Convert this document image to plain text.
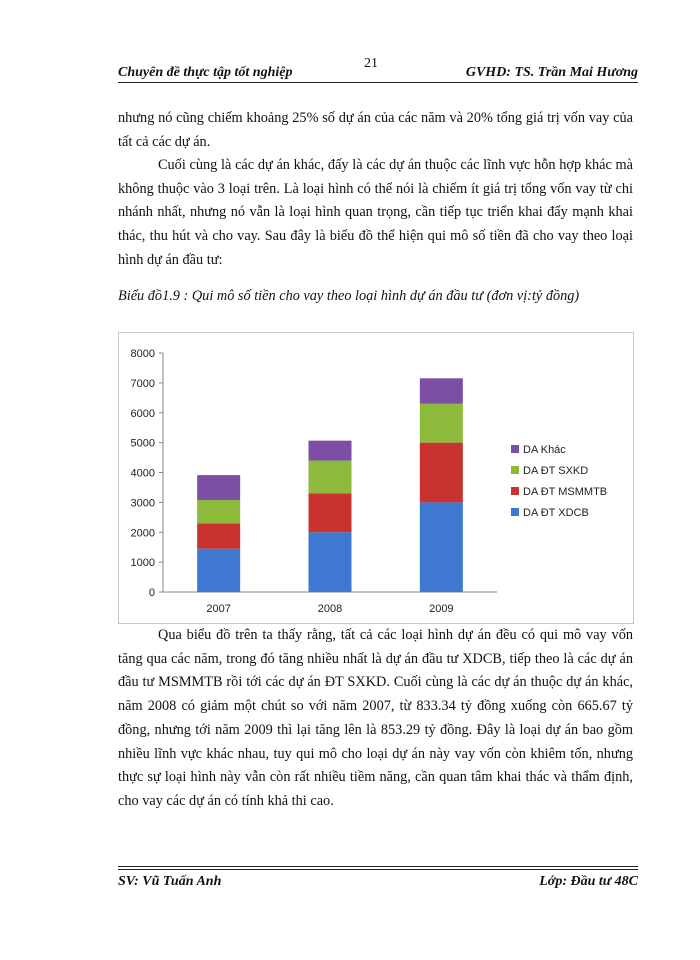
Chuyên đề thực tập tốt nghiệp
21
GVHD: TS. Trần Mai Hương

nhưng nó cũng chiếm khoảng 25% số dự án của các năm và 20% tổng giá trị vốn vay của tất cả các dự án.

Cuối cùng là các dự án khác, đấy là các dự án thuộc các lĩnh vực hỗn hợp khác mà không thuộc vào 3 loại trên. Là loại hình có thể nói là chiếm ít giá trị tổng vốn vay từ chi nhánh nhất, nhưng nó vẫn là loại hình quan trọng, cần tiếp tục triển khai đẩy mạnh khai thác, thu hút và cho vay. Sau đây là biểu đồ thể hiện qui mô số tiền đã cho vay theo loại hình dự án đầu tư:

Biểu đồ1.9 : Qui mô số tiền cho vay theo loại hình dự án đầu tư (đơn vị:tỷ đồng)

0
1000
2000
3000
4000
5000
6000
7000
8000
2007	2008	2009
DA Khác
DA ĐT SXKD
DA ĐT MSMMTB
DA ĐT XDCB

Qua biểu đồ trên ta thấy rằng, tất cả các loại hình dự án đều có qui mô vay vốn tăng qua các năm, trong đó tăng nhiều nhất là dự án đầu tư XDCB, tiếp theo là các dự án đầu tư MSMMTB rồi tới các dự án ĐT SXKD. Cuối cùng là các dự án thuộc dự án khác, năm 2008 có giảm một chút so với năm 2007, từ 833.34 tỷ đồng xuống còn 665.67 tỷ đồng, nhưng tới năm 2009 thì lại tăng lên là 853.29 tỷ đồng. Đây là loại dự án bao gồm nhiều lĩnh vực khác nhau, tuy qui mô cho loại dự án này vay vốn còn khiêm tốn, nhưng thực sự loại hình này vẫn còn rất nhiều tiềm năng, cần quan tâm khai thác và thẩm định, cho vay các dự án có tính khả thi cao.

SV: Vũ Tuấn Anh	Lớp: Đầu tư 48C
